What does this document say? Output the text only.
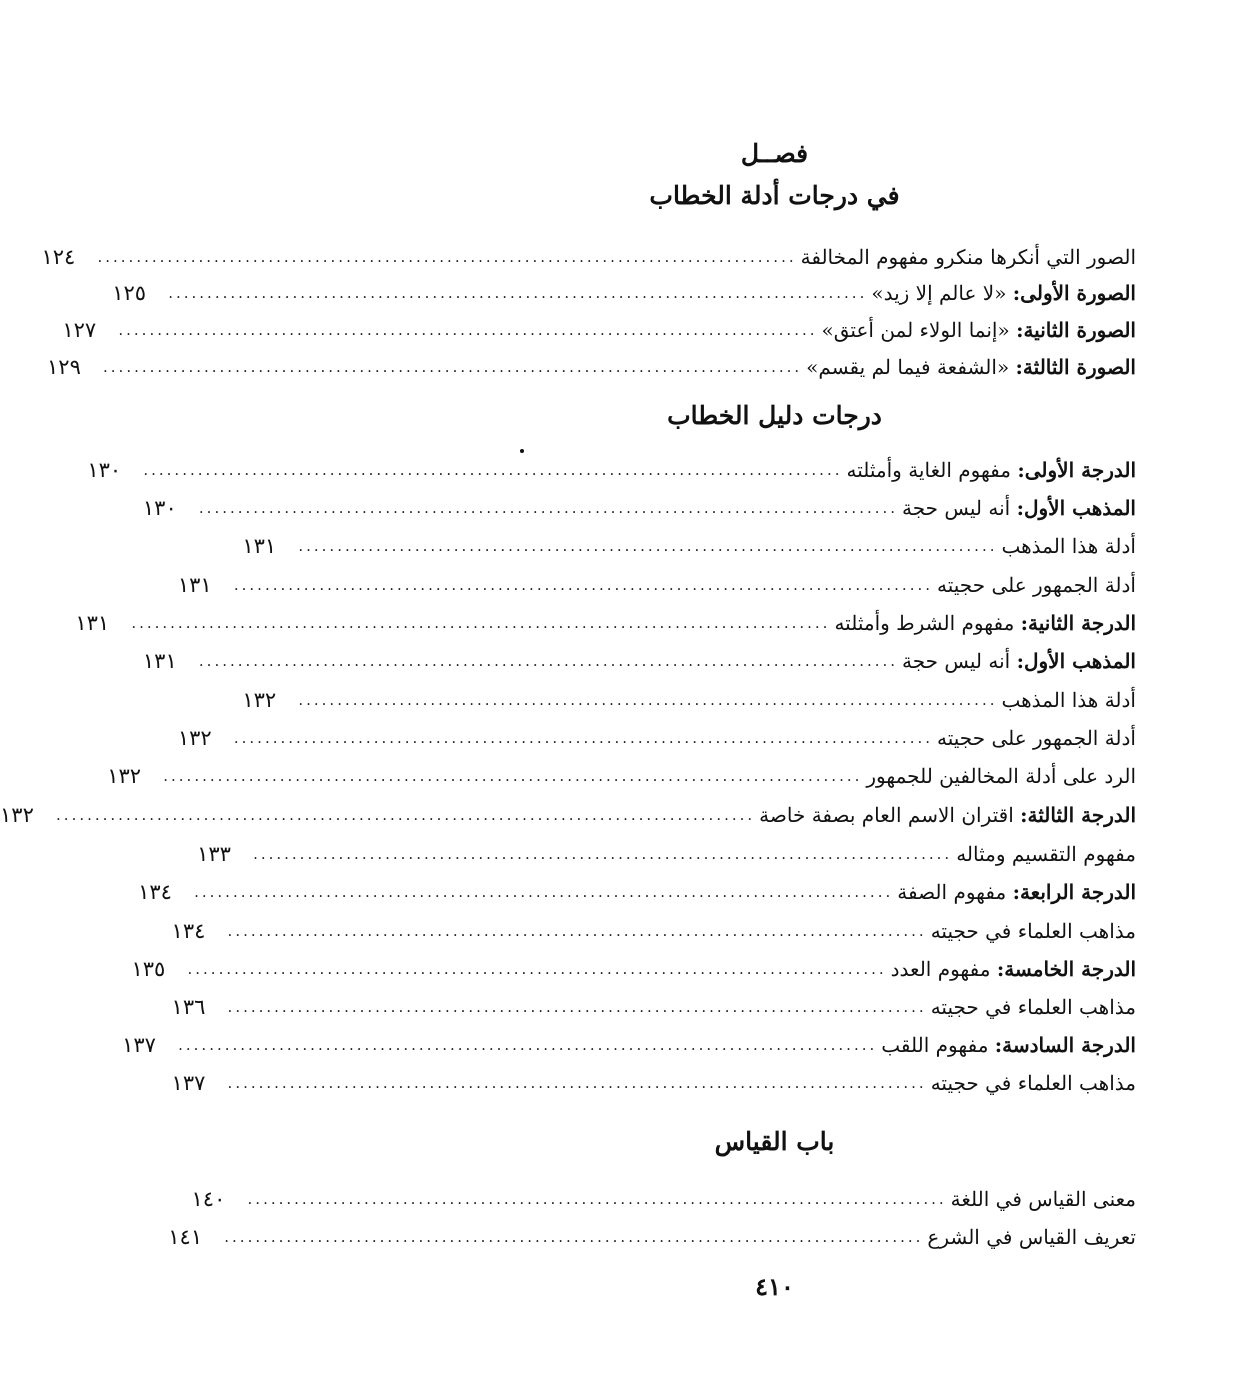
فصــل
في درجات أدلة الخطاب
الصور التي أنكرها منكرو مفهوم المخالفة
..........................................................................................
١٢٤
الصورة الأولى: «لا عالم إلا زيد»
..........................................................................................
١٢٥
الصورة الثانية: «إنما الولاء لمن أعتق»
..........................................................................................
١٢٧
الصورة الثالثة: «الشفعة فيما لم يقسم»
..........................................................................................
١٢٩
درجات دليل الخطاب
الدرجة الأولى: مفهوم الغاية وأمثلته
..........................................................................................
١٣٠
المذهب الأول: أنه ليس حجة
..........................................................................................
١٣٠
أدلة هذا المذهب
..........................................................................................
١٣١
أدلة الجمهور على حجيته
..........................................................................................
١٣١
الدرجة الثانية: مفهوم الشرط وأمثلته
..........................................................................................
١٣١
المذهب الأول: أنه ليس حجة
..........................................................................................
١٣١
أدلة هذا المذهب
..........................................................................................
١٣٢
أدلة الجمهور على حجيته
..........................................................................................
١٣٢
الرد على أدلة المخالفين للجمهور
..........................................................................................
١٣٢
الدرجة الثالثة: اقتران الاسم العام بصفة خاصة
..........................................................................................
١٣٢
مفهوم التقسيم ومثاله
..........................................................................................
١٣٣
الدرجة الرابعة: مفهوم الصفة
..........................................................................................
١٣٤
مذاهب العلماء في حجيته
..........................................................................................
١٣٤
الدرجة الخامسة: مفهوم العدد
..........................................................................................
١٣٥
مذاهب العلماء في حجيته
..........................................................................................
١٣٦
الدرجة السادسة: مفهوم اللقب
..........................................................................................
١٣٧
مذاهب العلماء في حجيته
..........................................................................................
١٣٧
باب القياس
معنى القياس في اللغة
..........................................................................................
١٤٠
تعريف القياس في الشرع
..........................................................................................
١٤١
٤١٠
